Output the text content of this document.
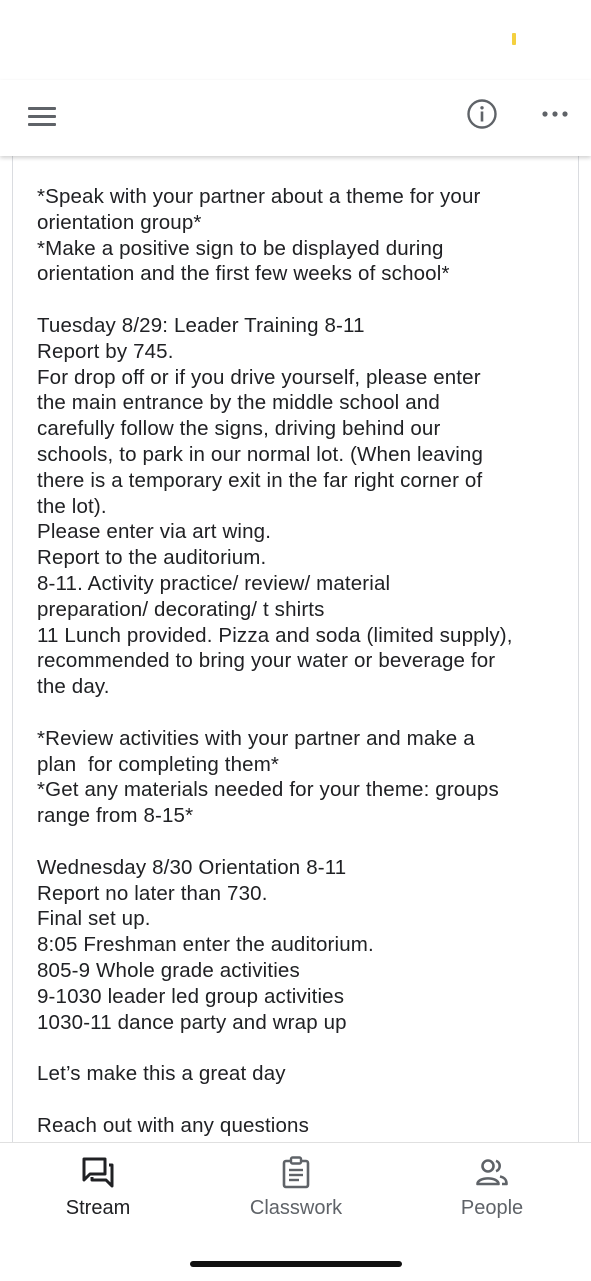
*Speak with your partner about a theme for your
orientation group*
*Make a positive sign to be displayed during
orientation and the first few weeks of school*
Tuesday 8/29: Leader Training 8-11
Report by 745.
For drop off or if you drive yourself, please enter
the main entrance by the middle school and
carefully follow the signs, driving behind our
schools, to park in our normal lot. (When leaving
there is a temporary exit in the far right corner of
the lot).
Please enter via art wing.
Report to the auditorium.
8-11. Activity practice/ review/ material
preparation/ decorating/ t shirts
11 Lunch provided. Pizza and soda (limited supply),
recommended to bring your water or beverage for
the day.
*Review activities with your partner and make a
plan  for completing them*
*Get any materials needed for your theme: groups
range from 8-15*
Wednesday 8/30 Orientation 8-11
Report no later than 730.
Final set up.
8:05 Freshman enter the auditorium.
805-9 Whole grade activities
9-1030 leader led group activities
1030-11 dance party and wrap up
Let’s make this a great day
Reach out with any questions
Stream	Classwork	People
